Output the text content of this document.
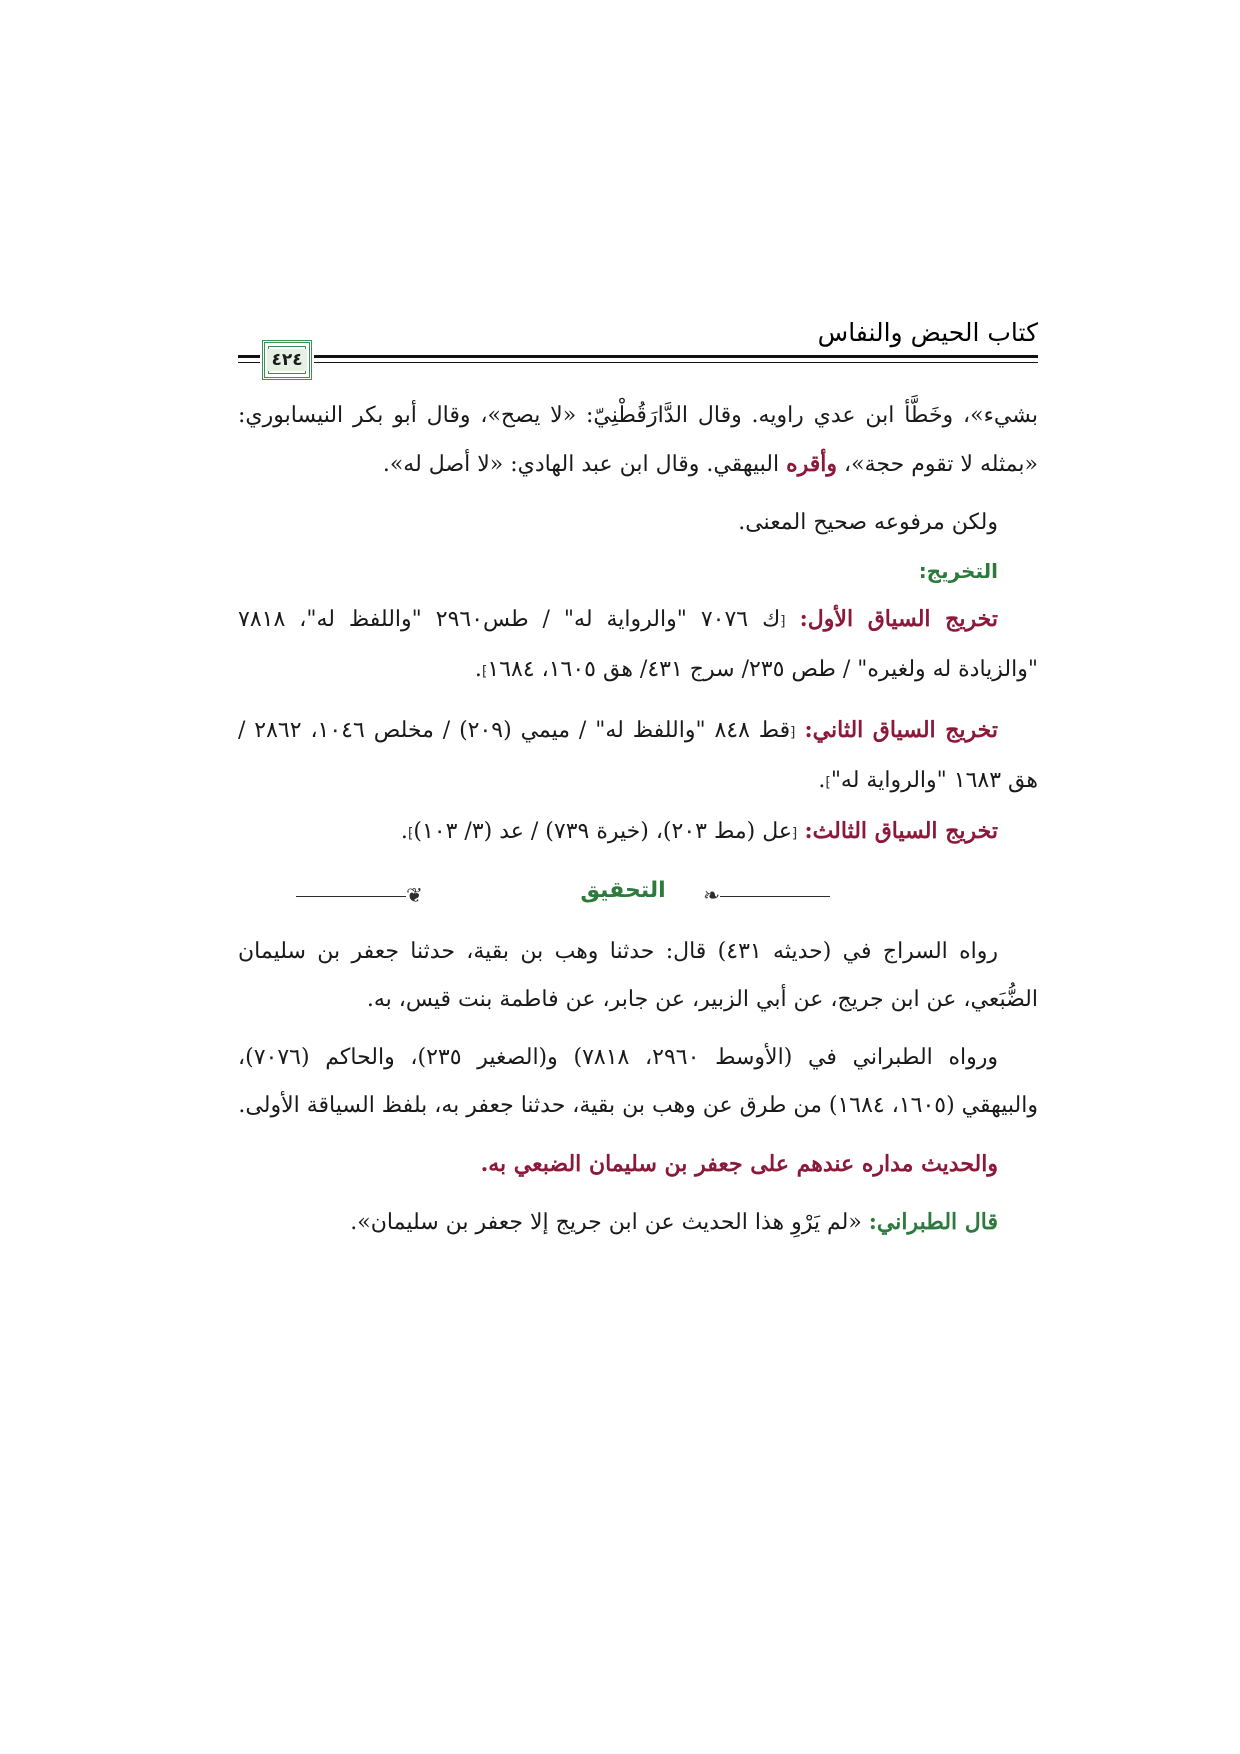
كتاب الحيض والنفاس
٤٢٤

بشيء»، وخَطَّأ ابن عدي راويه. وقال الدَّارَقُطْنِيّ: «لا يصح»، وقال أبو بكر النيسابوري: «بمثله لا تقوم حجة»، وأقره البيهقي. وقال ابن عبد الهادي: «لا أصل له».

ولكن مرفوعه صحيح المعنى.

التخريج:

تخريج السياق الأول: ⁅ك ٧٠٧٦ "والرواية له" / طس٢٩٦٠ "واللفظ له"، ٧٨١٨ "والزيادة له ولغيره" / طص ٢٣٥/ سرج ٤٣١/ هق ١٦٠٥، ١٦٨٤⁆.

تخريج السياق الثاني: ⁅قط ٨٤٨ "واللفظ له" / ميمي (٢٠٩) / مخلص ١٠٤٦، ٢٨٦٢ / هق ١٦٨٣ "والرواية له"⁆.

تخريج السياق الثالث: ⁅عل (مط ٢٠٣)، (خيرة ٧٣٩) / عد (٣/ ١٠٣)⁆.

❦	التحقيق	❧

رواه السراج في (حديثه ٤٣١) قال: حدثنا وهب بن بقية، حدثنا جعفر بن سليمان الضُّبَعي، عن ابن جريج، عن أبي الزبير، عن جابر، عن فاطمة بنت قيس، به.

ورواه الطبراني في (الأوسط ٢٩٦٠، ٧٨١٨) و(الصغير ٢٣٥)، والحاكم (٧٠٧٦)، والبيهقي (١٦٠٥، ١٦٨٤) من طرق عن وهب بن بقية، حدثنا جعفر به، بلفظ السياقة الأولى.

والحديث مداره عندهم على جعفر بن سليمان الضبعي به.

قال الطبراني: «لم يَرْوِ هذا الحديث عن ابن جريج إلا جعفر بن سليمان».
